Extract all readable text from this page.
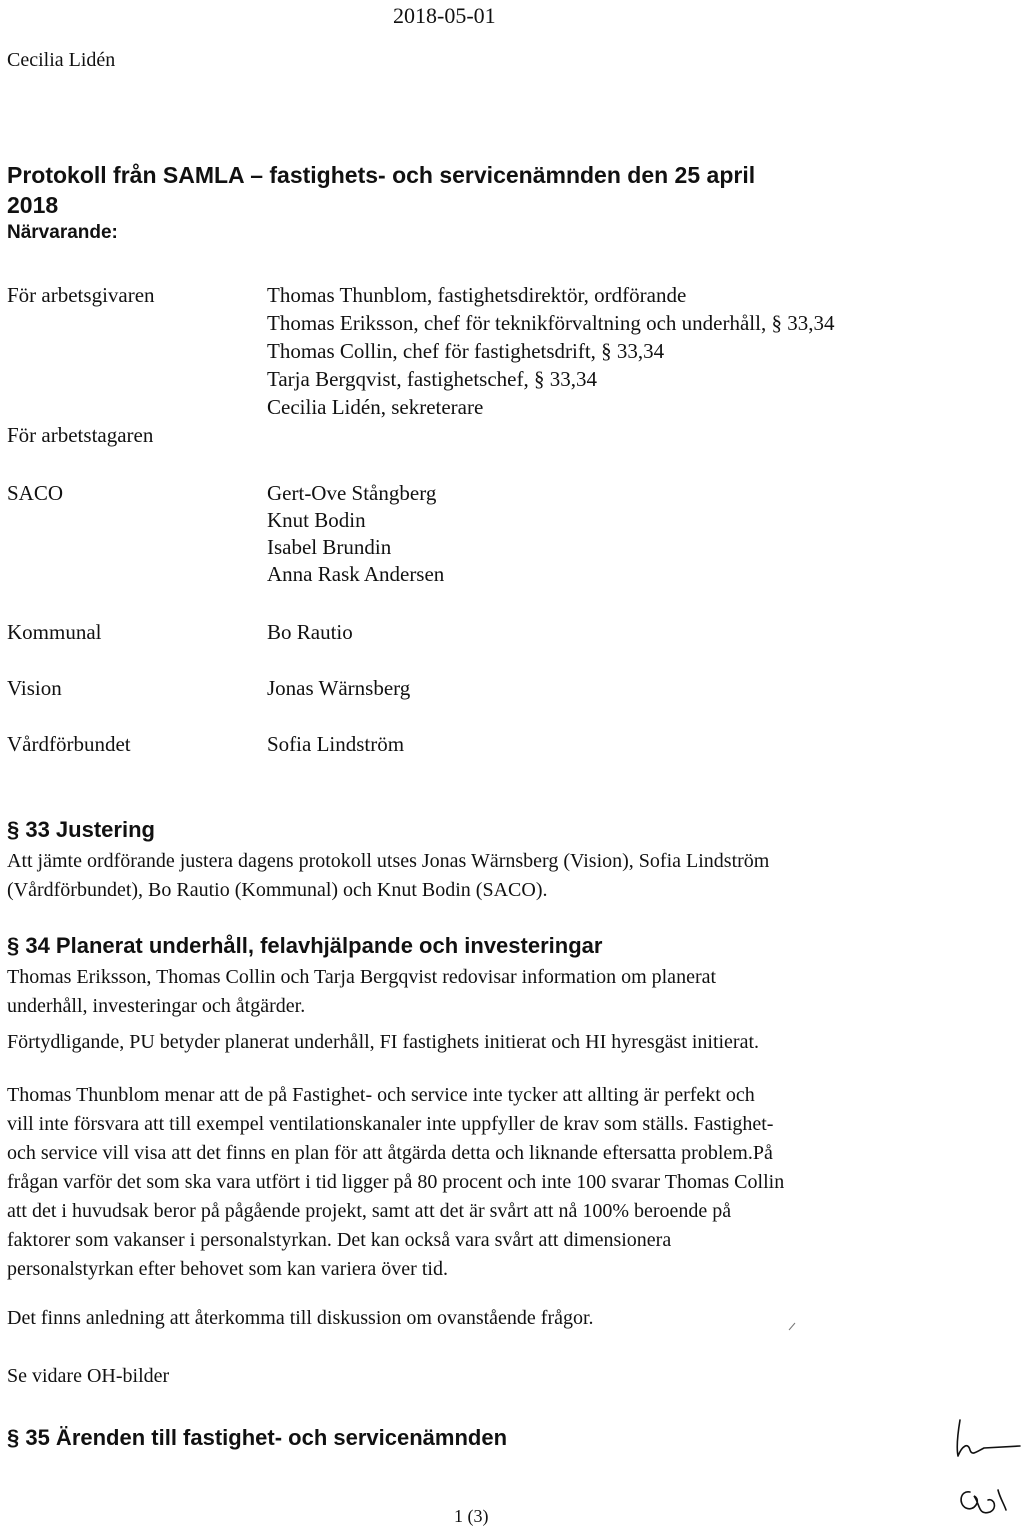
2018-05-01
Cecilia Lidén
Protokoll från SAMLA – fastighets- och servicenämnden den 25 april
2018
Närvarande:
För arbetsgivaren	Thomas Thunblom, fastighetsdirektör, ordförande
Thomas Eriksson, chef för teknikförvaltning och underhåll, § 33,34
Thomas Collin, chef för fastighetsdrift, § 33,34
Tarja Bergqvist, fastighetschef, § 33,34
Cecilia Lidén, sekreterare
För arbetstagaren
SACO	Gert-Ove Stångberg
Knut Bodin
Isabel Brundin
Anna Rask Andersen
Kommunal	Bo Rautio
Vision	Jonas Wärnsberg
Vårdförbundet	Sofia Lindström
§ 33 Justering
Att jämte ordförande justera dagens protokoll utses Jonas Wärnsberg (Vision), Sofia Lindström
(Vårdförbundet), Bo Rautio (Kommunal) och Knut Bodin (SACO).
§ 34 Planerat underhåll, felavhjälpande och investeringar
Thomas Eriksson, Thomas Collin och Tarja Bergqvist redovisar information om planerat
underhåll, investeringar och åtgärder.
Förtydligande, PU betyder planerat underhåll, FI fastighets initierat och HI hyresgäst initierat.
Thomas Thunblom menar att de på Fastighet- och service inte tycker att allting är perfekt och
vill inte försvara att till exempel ventilationskanaler inte uppfyller de krav som ställs. Fastighet-
och service vill visa att det finns en plan för att åtgärda detta och liknande eftersatta problem.På
frågan varför det som ska vara utfört i tid ligger på 80 procent och inte 100 svarar Thomas Collin
att det i huvudsak beror på pågående projekt, samt att det är svårt att nå 100% beroende på
faktorer som vakanser i personalstyrkan. Det kan också vara svårt att dimensionera
personalstyrkan efter behovet som kan variera över tid.
Det finns anledning att återkomma till diskussion om ovanstående frågor.
Se vidare OH-bilder
§ 35 Ärenden till fastighet- och servicenämnden
1 (3)
